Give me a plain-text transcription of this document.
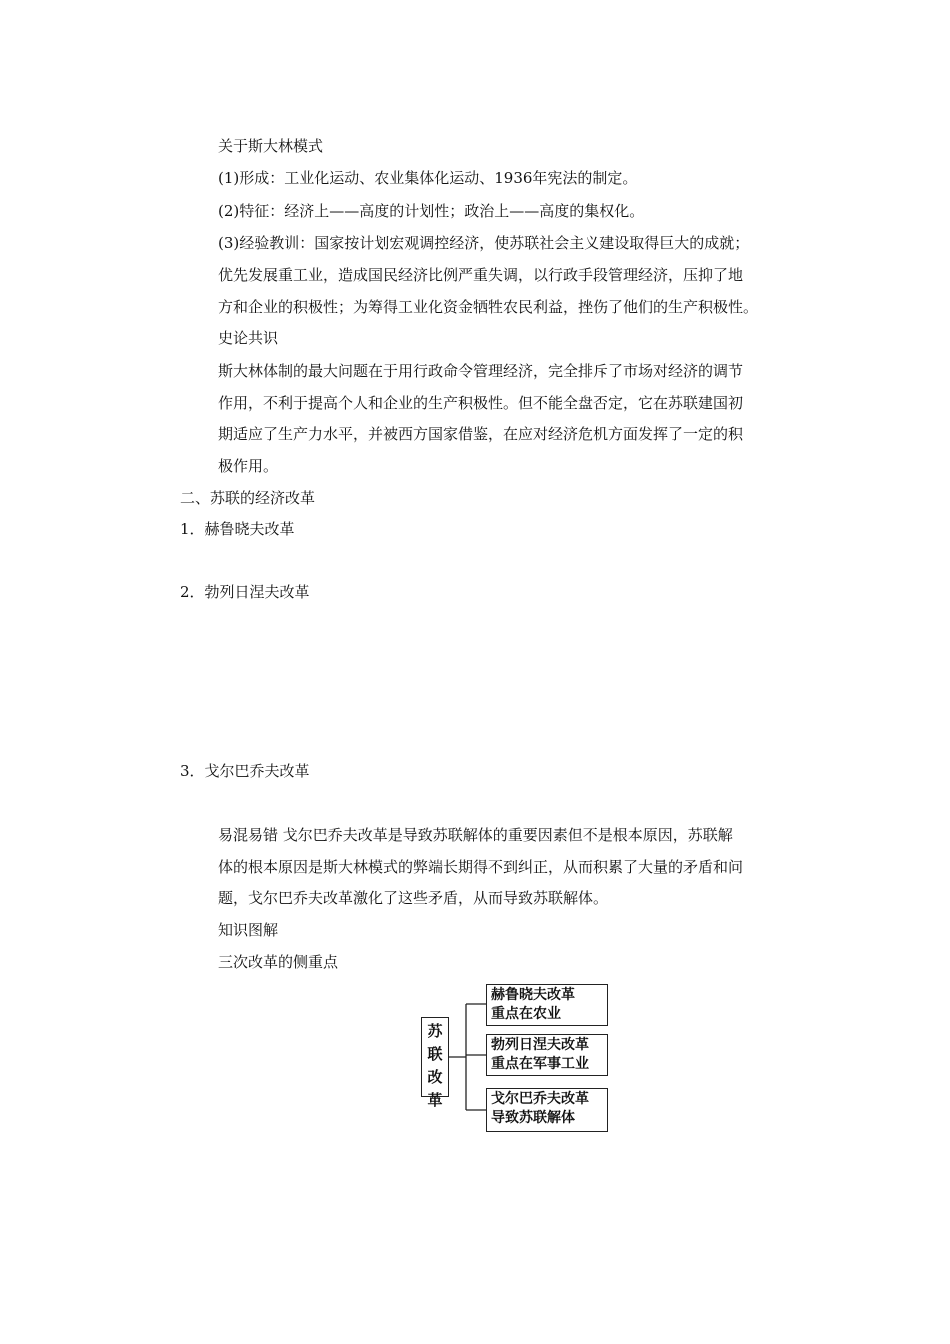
关于斯大林模式
(1)形成：工业化运动、农业集体化运动、1936年宪法的制定。
(2)特征：经济上——高度的计划性；政治上——高度的集权化。
(3)经验教训：国家按计划宏观调控经济，使苏联社会主义建设取得巨大的成就；
优先发展重工业，造成国民经济比例严重失调，以行政手段管理经济，压抑了地
方和企业的积极性；为筹得工业化资金牺牲农民利益，挫伤了他们的生产积极性。
史论共识
斯大林体制的最大问题在于用行政命令管理经济，完全排斥了市场对经济的调节
作用，不利于提高个人和企业的生产积极性。但不能全盘否定，它在苏联建国初
期适应了生产力水平，并被西方国家借鉴，在应对经济危机方面发挥了一定的积
极作用。
二、苏联的经济改革
1．赫鲁晓夫改革
2．勃列日涅夫改革
3．戈尔巴乔夫改革
易混易错 戈尔巴乔夫改革是导致苏联解体的重要因素但不是根本原因，苏联解
体的根本原因是斯大林模式的弊端长期得不到纠正，从而积累了大量的矛盾和问
题，戈尔巴乔夫改革激化了这些矛盾，从而导致苏联解体。
知识图解
三次改革的侧重点
苏
联
改
革
赫鲁晓夫改革
重点在农业
勃列日涅夫改革
重点在军事工业
戈尔巴乔夫改革
导致苏联解体
